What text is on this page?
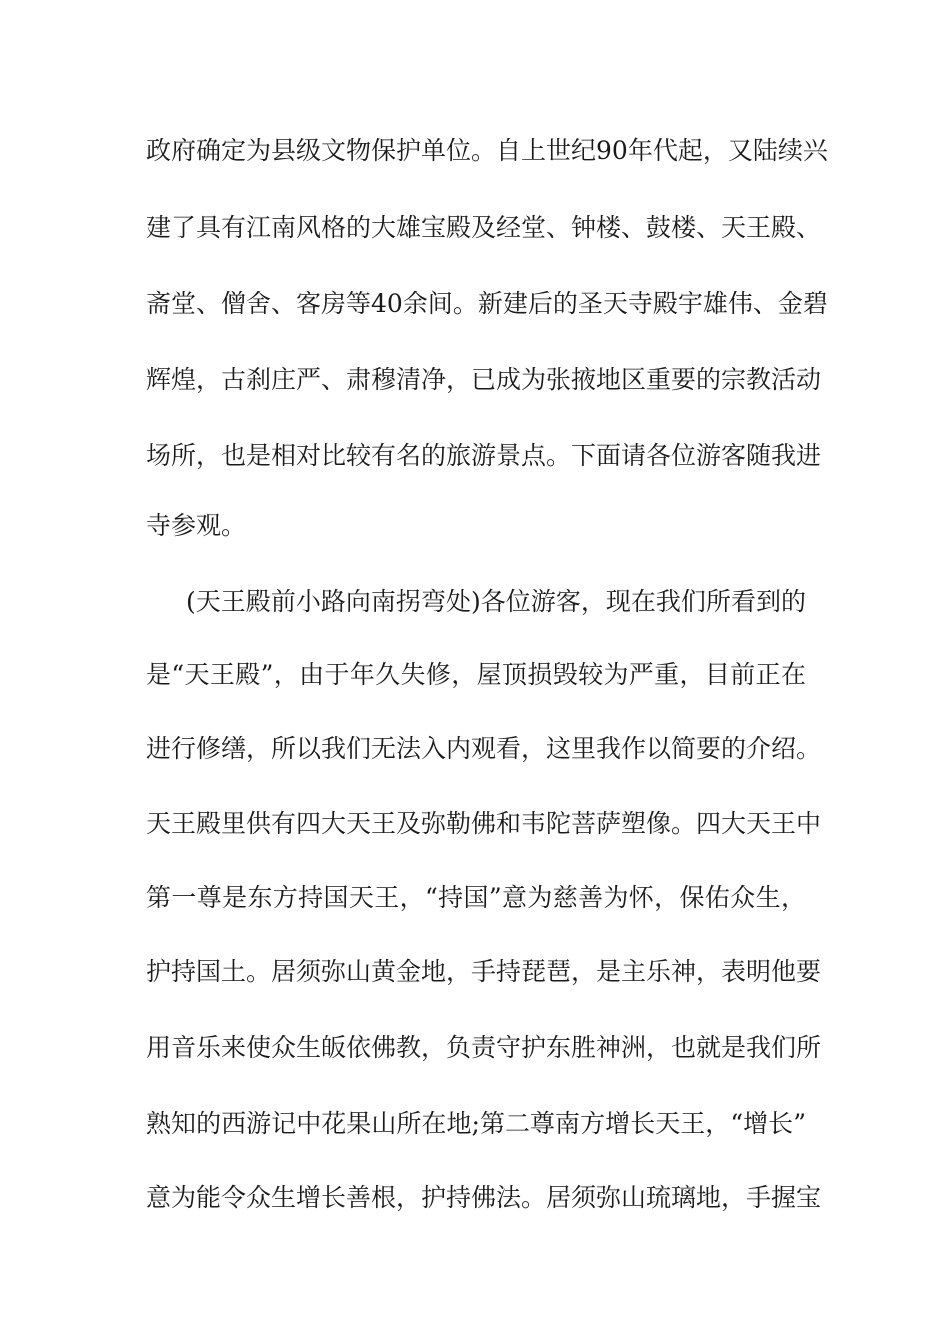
政府确定为县级文物保护单位。自上世纪90年代起，又陆续兴
建了具有江南风格的大雄宝殿及经堂、钟楼、鼓楼、天王殿、
斋堂、僧舍、客房等40余间。新建后的圣天寺殿宇雄伟、金碧
辉煌，古刹庄严、肃穆清净，已成为张掖地区重要的宗教活动
场所，也是相对比较有名的旅游景点。下面请各位游客随我进
寺参观。
(天王殿前小路向南拐弯处)各位游客，现在我们所看到的
是“天王殿”，由于年久失修，屋顶损毁较为严重，目前正在
进行修缮，所以我们无法入内观看，这里我作以简要的介绍。
天王殿里供有四大天王及弥勒佛和韦陀菩萨塑像。四大天王中
第一尊是东方持国天王，“持国”意为慈善为怀，保佑众生，
护持国土。居须弥山黄金地，手持琵琶，是主乐神，表明他要
用音乐来使众生皈依佛教，负责守护东胜神洲，也就是我们所
熟知的西游记中花果山所在地;第二尊南方增长天王，“增长”
意为能令众生增长善根，护持佛法。居须弥山琉璃地，手握宝
